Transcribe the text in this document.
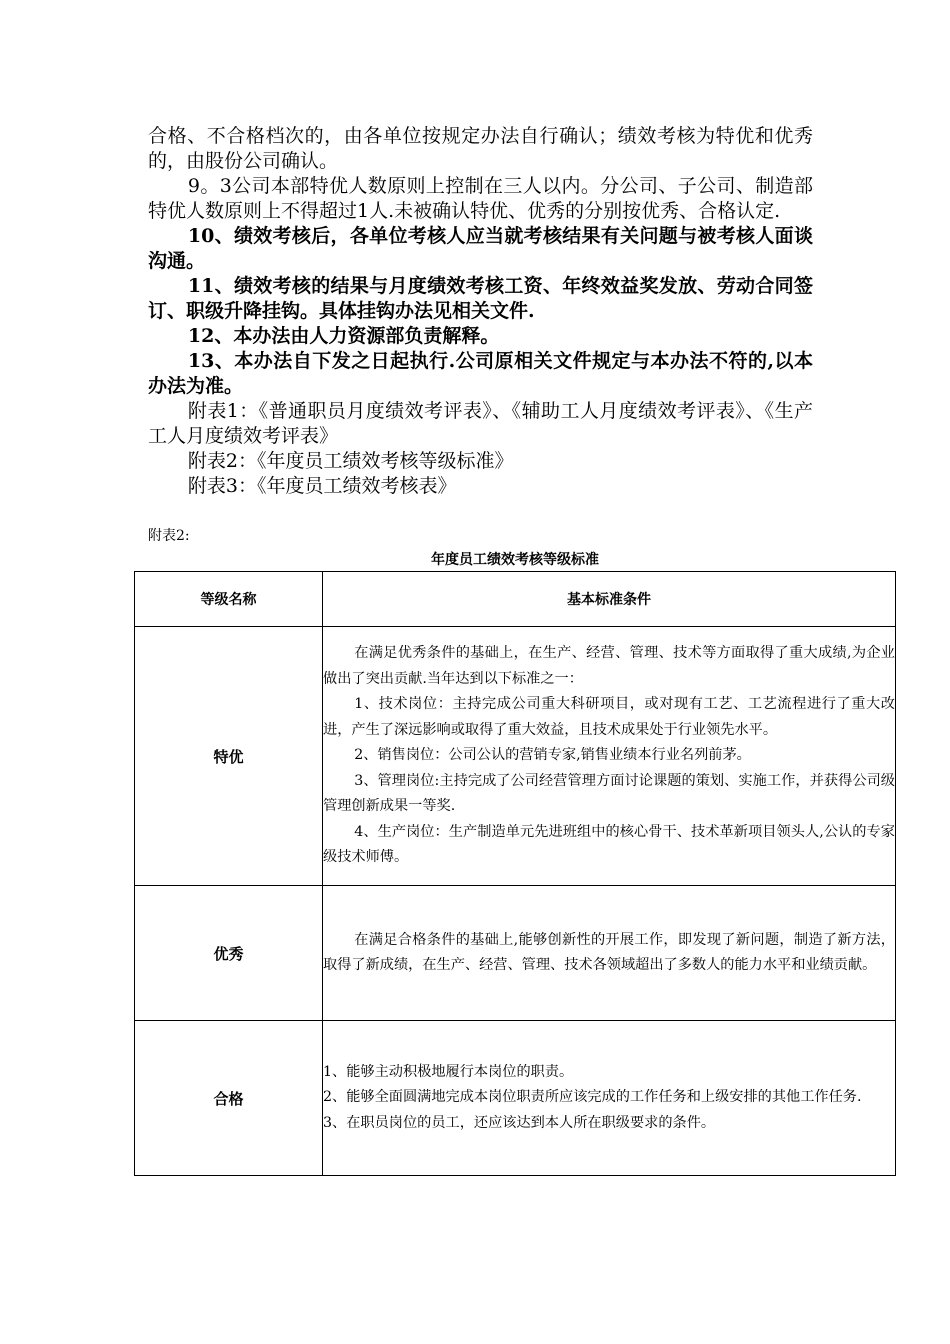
合格、不合格档次的，由各单位按规定办法自行确认；绩效考核为特优和优秀的，由股份公司确认。

9。3公司本部特优人数原则上控制在三人以内。分公司、子公司、制造部特优人数原则上不得超过1人.未被确认特优、优秀的分别按优秀、合格认定.

10、绩效考核后，各单位考核人应当就考核结果有关问题与被考核人面谈沟通。

11、绩效考核的结果与月度绩效考核工资、年终效益奖发放、劳动合同签订、职级升降挂钩。具体挂钩办法见相关文件.

12、本办法由人力资源部负责解释。

13、本办法自下发之日起执行.公司原相关文件规定与本办法不符的,以本办法为准。

附表1：《普通职员月度绩效考评表》、《辅助工人月度绩效考评表》、《生产工人月度绩效考评表》

附表2：《年度员工绩效考核等级标准》

附表3：《年度员工绩效考核表》

附表2:
年度员工绩效考核等级标准
等级名称	基本标准条件
特优	在满足优秀条件的基础上，在生产、经营、管理、技术等方面取得了重大成绩,为企业做出了突出贡献.当年达到以下标准之一：

1、技术岗位：主持完成公司重大科研项目，或对现有工艺、工艺流程进行了重大改进，产生了深远影响或取得了重大效益，且技术成果处于行业领先水平。

2、销售岗位：公司公认的营销专家,销售业绩本行业名列前茅。

3、管理岗位:主持完成了公司经营管理方面讨论课题的策划、实施工作，并获得公司级管理创新成果一等奖.

4、生产岗位：生产制造单元先进班组中的核心骨干、技术革新项目领头人,公认的专家级技术师傅。

优秀	在满足合格条件的基础上,能够创新性的开展工作，即发现了新问题，制造了新方法，取得了新成绩，在生产、经营、管理、技术各领域超出了多数人的能力水平和业绩贡献。

合格	1、能够主动积极地履行本岗位的职责。

2、能够全面圆满地完成本岗位职责所应该完成的工作任务和上级安排的其他工作任务.

3、在职员岗位的员工，还应该达到本人所在职级要求的条件。
